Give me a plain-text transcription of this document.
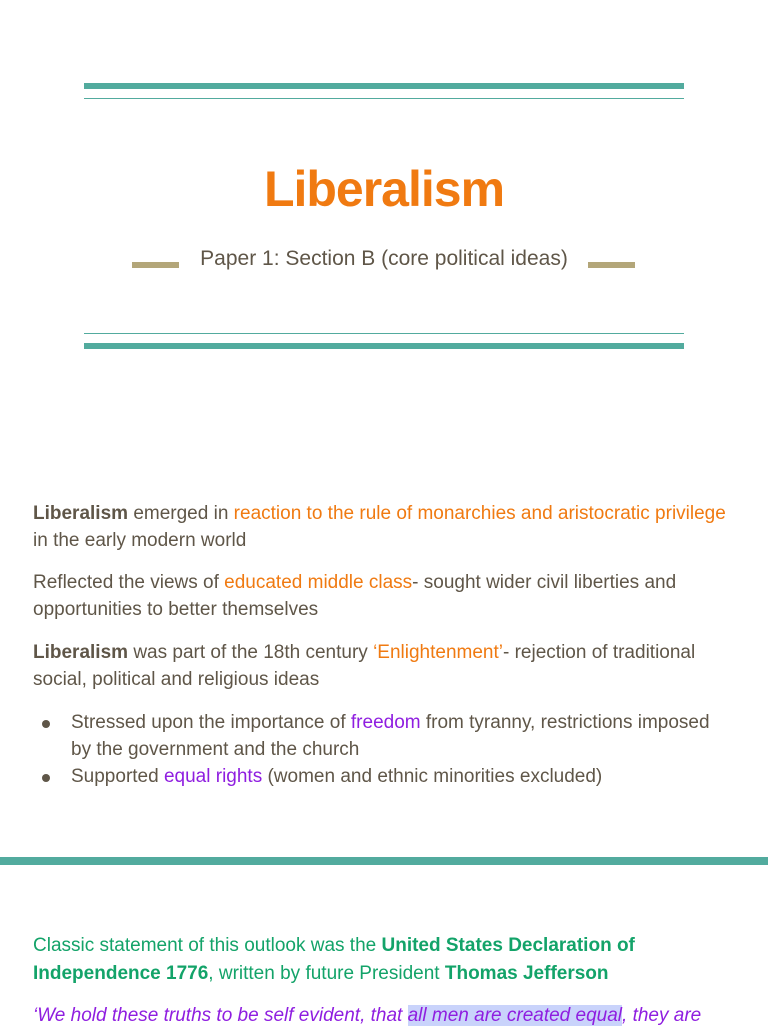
Liberalism
Paper 1: Section B (core political ideas)

Liberalism emerged in reaction to the rule of monarchies and aristocratic privilege in the early modern world

Reflected the views of educated middle class- sought wider civil liberties and opportunities to better themselves

Liberalism was part of the 18th century ‘Enlightenment’- rejection of traditional social, political and religious ideas

Stressed upon the importance of freedom from tyranny, restrictions imposed by the government and the church
Supported equal rights (women and ethnic minorities excluded)

Classic statement of this outlook was the United States Declaration of Independence 1776, written by future President Thomas Jefferson

‘We hold these truths to be self evident, that all men are created equal, they are
